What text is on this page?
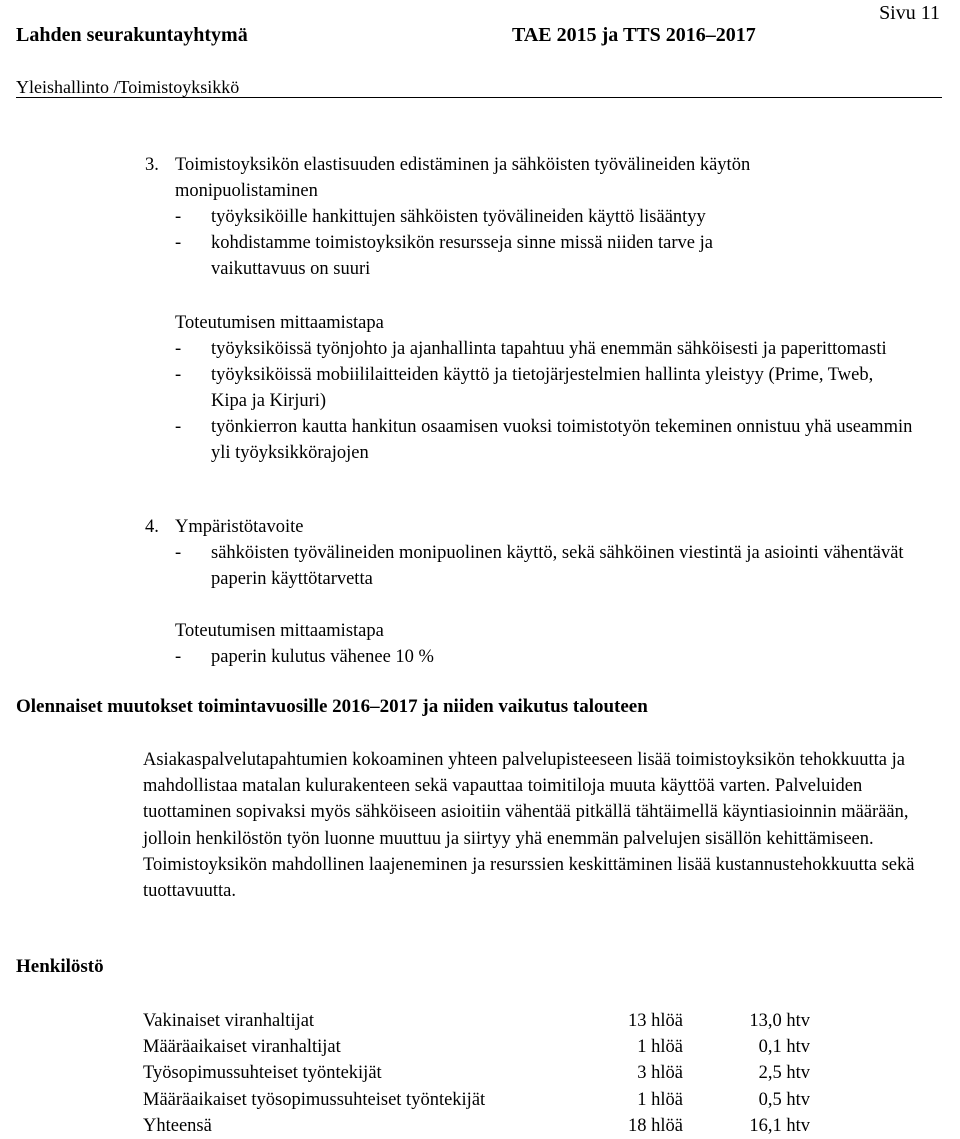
Sivu 11
Lahden seurakuntayhtymä	TAE 2015 ja TTS 2016–2017
Yleishallinto /Toimistoyksikkö
3. Toimistoyksikön elastisuuden edistäminen ja sähköisten työvälineiden käytön monipuolistaminen

- työyksiköille hankittujen sähköisten työvälineiden käyttö lisääntyy

- kohdistamme toimistoyksikön resursseja sinne missä niiden tarve ja vaikuttavuus on suuri

Toteutumisen mittaamistapa

- työyksiköissä työnjohto ja ajanhallinta tapahtuu yhä enemmän sähköisesti ja paperittomasti

- työyksiköissä mobiililaitteiden käyttö ja tietojärjestelmien hallinta yleistyy (Prime, Tweb, Kipa ja Kirjuri)

- työnkierron kautta hankitun osaamisen vuoksi toimistotyön tekeminen onnistuu yhä useammin yli työyksikkörajojen

4. Ympäristötavoite

- sähköisten työvälineiden monipuolinen käyttö, sekä sähköinen viestintä ja asiointi vähentävät paperin käyttötarvetta

Toteutumisen mittaamistapa

- paperin kulutus vähenee 10 %

Olennaiset muutokset toimintavuosille 2016–2017 ja niiden vaikutus talouteen

Asiakaspalvelutapahtumien kokoaminen yhteen palvelupisteeseen lisää toimistoyksikön tehokkuutta ja mahdollistaa matalan kulurakenteen sekä vapauttaa toimitiloja muuta käyttöä varten. Palveluiden tuottaminen sopivaksi myös sähköiseen asioitiin vähentää pitkällä tähtäimellä käyntiasioinnin määrään, jolloin henkilöstön työn luonne muuttuu ja siirtyy yhä enemmän palvelujen sisällön kehittämiseen. Toimistoyksikön mahdollinen laajeneminen ja resurssien keskittäminen lisää kustannustehokkuutta sekä tuottavuutta.

Henkilöstö
Vakinaiset viranhaltijat	13 hlöä	13,0 htv
Määräaikaiset viranhaltijat	1 hlöä	0,1 htv
Työsopimussuhteiset työntekijät	3 hlöä	2,5 htv
Määräaikaiset työsopimussuhteiset työntekijät	1 hlöä	0,5 htv
Yhteensä	18 hlöä	16,1 htv
